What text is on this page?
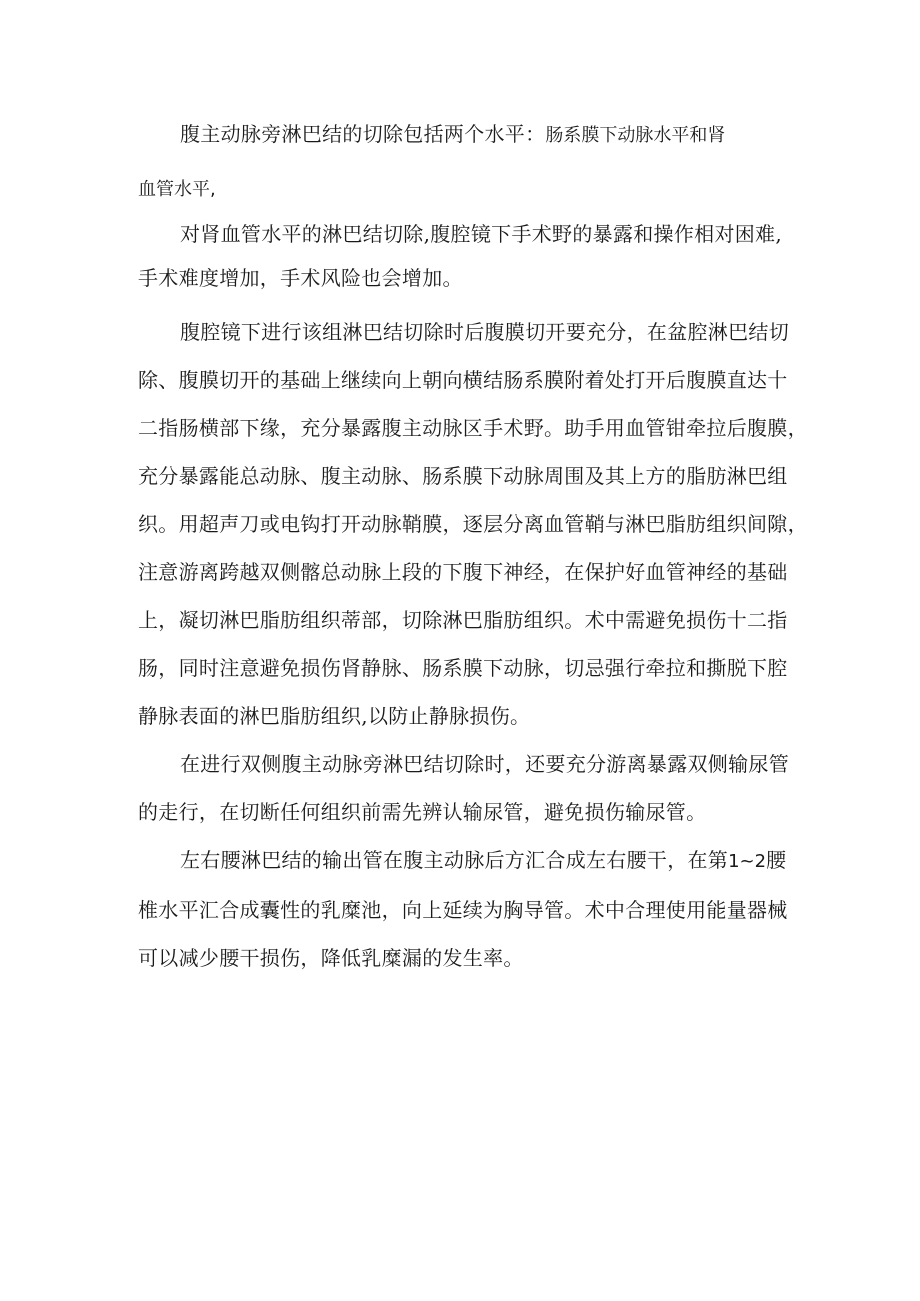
腹主动脉旁淋巴结的切除包括两个水平：肠系膜下动脉水平和肾
血管水平,
对肾血管水平的淋巴结切除,腹腔镜下手术野的暴露和操作相对困难,
手术难度增加，手术风险也会增加。
腹腔镜下进行该组淋巴结切除时后腹膜切开要充分，在盆腔淋巴结切
除、腹膜切开的基础上继续向上朝向横结肠系膜附着处打开后腹膜直达十
二指肠横部下缘，充分暴露腹主动脉区手术野。助手用血管钳牵拉后腹膜，
充分暴露能总动脉、腹主动脉、肠系膜下动脉周围及其上方的脂肪淋巴组
织。用超声刀或电钩打开动脉鞘膜，逐层分离血管鞘与淋巴脂肪组织间隙，
注意游离跨越双侧髂总动脉上段的下腹下神经，在保护好血管神经的基础
上，凝切淋巴脂肪组织蒂部，切除淋巴脂肪组织。术中需避免损伤十二指
肠，同时注意避免损伤肾静脉、肠系膜下动脉，切忌强行牵拉和撕脱下腔
静脉表面的淋巴脂肪组织,以防止静脉损伤。
在进行双侧腹主动脉旁淋巴结切除时，还要充分游离暴露双侧输尿管
的走行，在切断任何组织前需先辨认输尿管，避免损伤输尿管。
左右腰淋巴结的输出管在腹主动脉后方汇合成左右腰干，在第1~2腰
椎水平汇合成囊性的乳糜池，向上延续为胸导管。术中合理使用能量器械
可以减少腰干损伤，降低乳糜漏的发生率。
